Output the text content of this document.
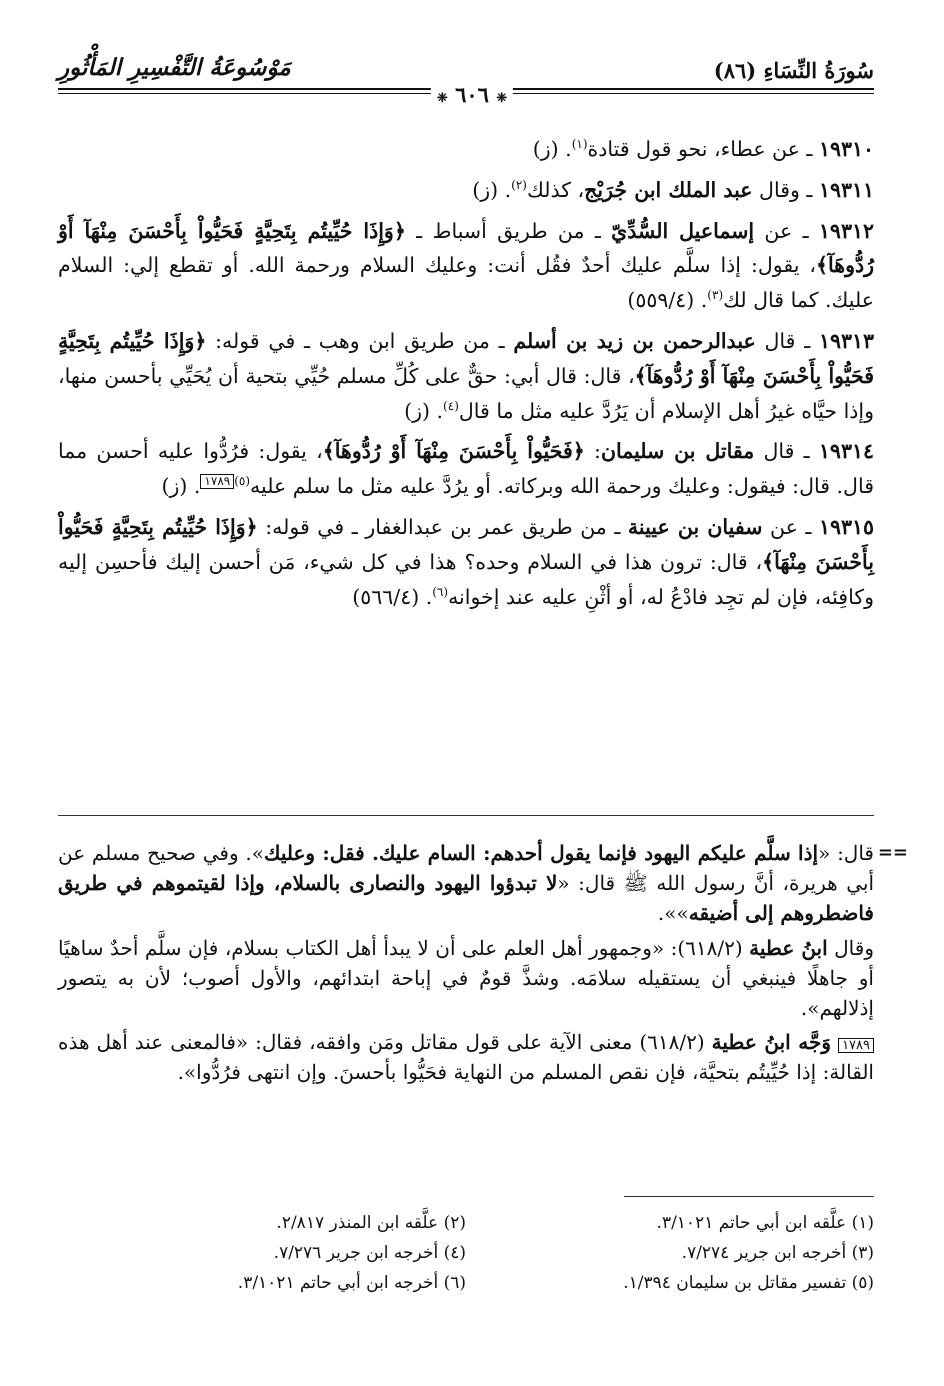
سُورَةُ النِّسَاءِ (٨٦)
مَوْسُوعَةُ التَّفْسِيرِ المَأْثُورِ
❈ ٦٠٦ ❈

١٩٣١٠ ـ عن عطاء، نحو قول قتادة$^{(١)}$. (ز)

١٩٣١١ ـ وقال عبد الملك ابن جُرَيْج، كذلك$^{(٢)}$. (ز)

١٩٣١٢ ـ عن إسماعيل السُّدِّيّ ـ من طريق أسباط ـ ﴿وَإِذَا حُيِّيتُم بِتَحِيَّةٍ فَحَيُّواْ بِأَحْسَنَ مِنْهَآ أَوْ رُدُّوهَآ﴾، يقول: إذا سلَّم عليك أحدٌ فقُل أنت: وعليك السلام ورحمة الله. أو تقطع إلي: السلام عليك. كما قال لك$^{(٣)}$. (٥٥٩/٤)

١٩٣١٣ ـ قال عبدالرحمن بن زيد بن أسلم ـ من طريق ابن وهب ـ في قوله: ﴿وَإِذَا حُيِّيتُم بِتَحِيَّةٍ فَحَيُّواْ بِأَحْسَنَ مِنْهَآ أَوْ رُدُّوهَآ﴾، قال: قال أبي: حقٌّ على كُلِّ مسلم حُيِّي بتحية أن يُحَيِّي بأحسن منها، وإذا حيَّاه غيرُ أهل الإسلام أن يَرُدَّ عليه مثل ما قال$^{(٤)}$. (ز)

١٩٣١٤ ـ قال مقاتل بن سليمان: ﴿فَحَيُّواْ بِأَحْسَنَ مِنْهَآ أَوْ رُدُّوهَآ﴾، يقول: فرُدُّوا عليه أحسن مما قال. قال: فيقول: وعليك ورحمة الله وبركاته. أو يرُدَّ عليه مثل ما سلم عليه$^{(٥)}$١٧٨٩. (ز)

١٩٣١٥ ـ عن سفيان بن عيينة ـ من طريق عمر بن عبدالغفار ـ في قوله: ﴿وَإِذَا حُيِّيتُم بِتَحِيَّةٍ فَحَيُّواْ بِأَحْسَنَ مِنْهَآ﴾، قال: ترون هذا في السلام وحده؟ هذا في كل شيء، مَن أحسن إليك فأحسِن إليه وكافِئه، فإن لم تجِد فادْعُ له، أو أثْنِ عليه عند إخوانه$^{(٦)}$. (٥٦٦/٤)

==

قال: «إذا سلَّم عليكم اليهود فإنما يقول أحدهم: السام عليك. فقل: وعليك». وفي صحيح مسلم عن أبي هريرة، أنَّ رسول الله ﷺ قال: «لا تبدؤوا اليهود والنصارى بالسلام، وإذا لقيتموهم في طريق فاضطروهم إلى أضيقه»».

وقال ابنُ عطية (٦١٨/٢): «وجمهور أهل العلم على أن لا يبدأ أهل الكتاب بسلام، فإن سلَّم أحدٌ ساهيًا أو جاهلًا فينبغي أن يستقيله سلامَه. وشذَّ قومٌ في إباحة ابتدائهم، والأول أصوب؛ لأن به يتصور إذلالهم».

١٧٨٩ وَجَّه ابنُ عطية (٦١٨/٢) معنى الآية على قول مقاتل ومَن وافقه، فقال: «فالمعنى عند أهل هذه القالة: إذا حُيِّيتُم بتحيَّة، فإن نقص المسلم من النهاية فحَيُّوا بأحسنَ. وإن انتهى فرُدُّوا».

(١) علَّقه ابن أبي حاتم ٣/١٠٢١.
(٢) علَّقه ابن المنذر ٢/٨١٧.
(٣) أخرجه ابن جرير ٧/٢٧٤.
(٤) أخرجه ابن جرير ٧/٢٧٦.
(٥) تفسير مقاتل بن سليمان ١/٣٩٤.
(٦) أخرجه ابن أبي حاتم ٣/١٠٢١.
